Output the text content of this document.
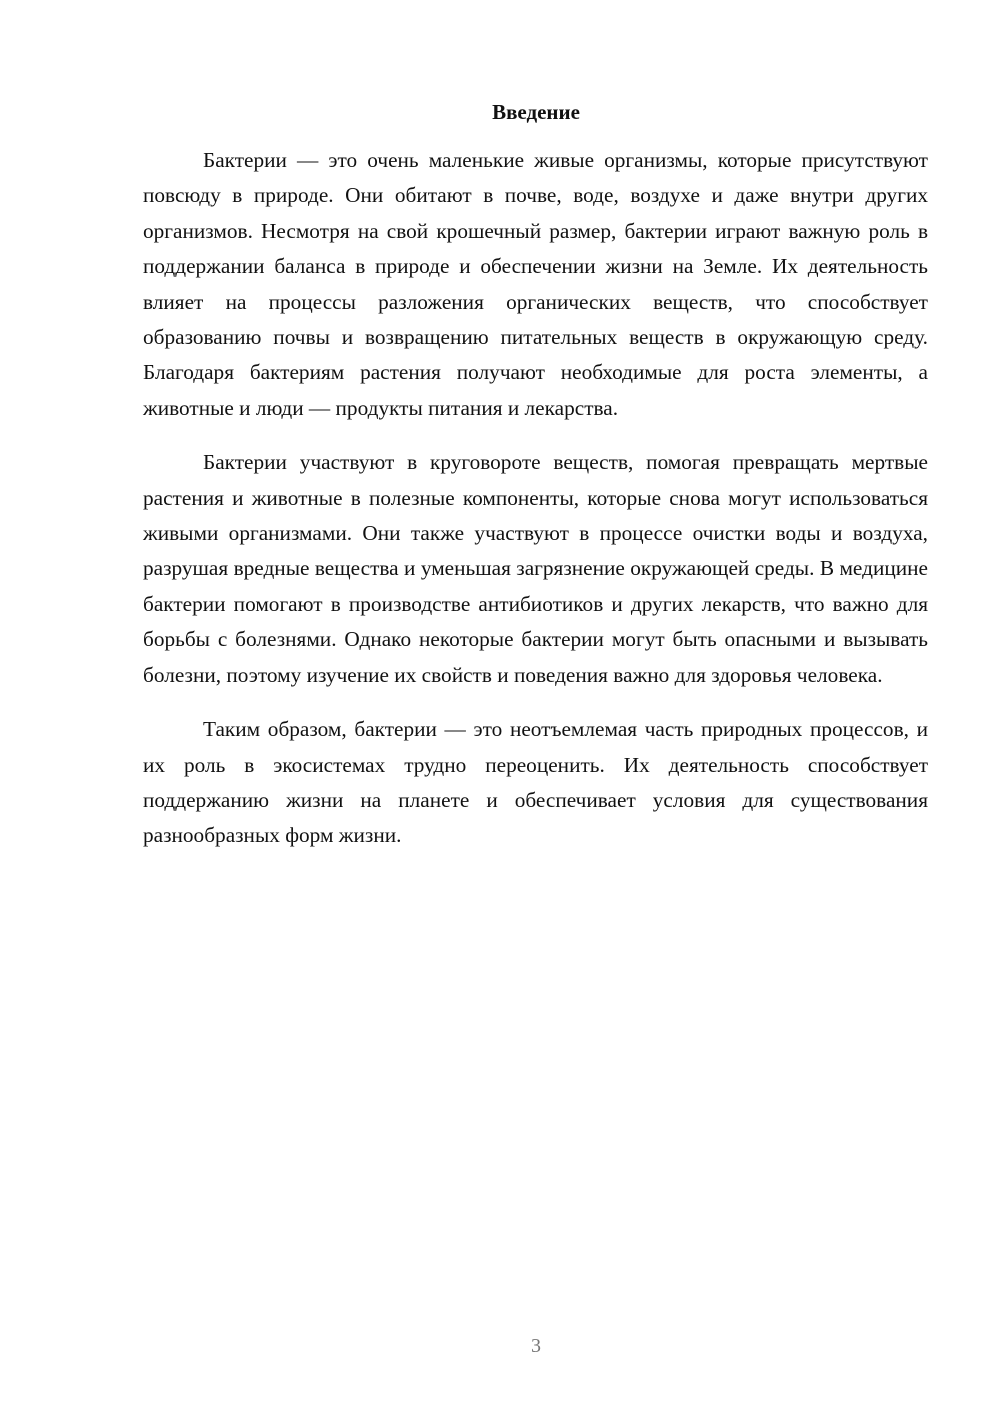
Введение

Бактерии — это очень маленькие живые организмы, которые присутствуют повсюду в природе. Они обитают в почве, воде, воздухе и даже внутри других организмов. Несмотря на свой крошечный размер, бактерии играют важную роль в поддержании баланса в природе и обеспечении жизни на Земле. Их деятельность влияет на процессы разложения органических веществ, что способствует образованию почвы и возвращению питательных веществ в окружающую среду. Благодаря бактериям растения получают необходимые для роста элементы, а животные и люди — продукты питания и лекарства.

Бактерии участвуют в круговороте веществ, помогая превращать мертвые растения и животные в полезные компоненты, которые снова могут использоваться живыми организмами. Они также участвуют в процессе очистки воды и воздуха, разрушая вредные вещества и уменьшая загрязнение окружающей среды. В медицине бактерии помогают в производстве антибиотиков и других лекарств, что важно для борьбы с болезнями. Однако некоторые бактерии могут быть опасными и вызывать болезни, поэтому изучение их свойств и поведения важно для здоровья человека.

Таким образом, бактерии — это неотъемлемая часть природных процессов, и их роль в экосистемах трудно переоценить. Их деятельность способствует поддержанию жизни на планете и обеспечивает условия для существования разнообразных форм жизни.

3
